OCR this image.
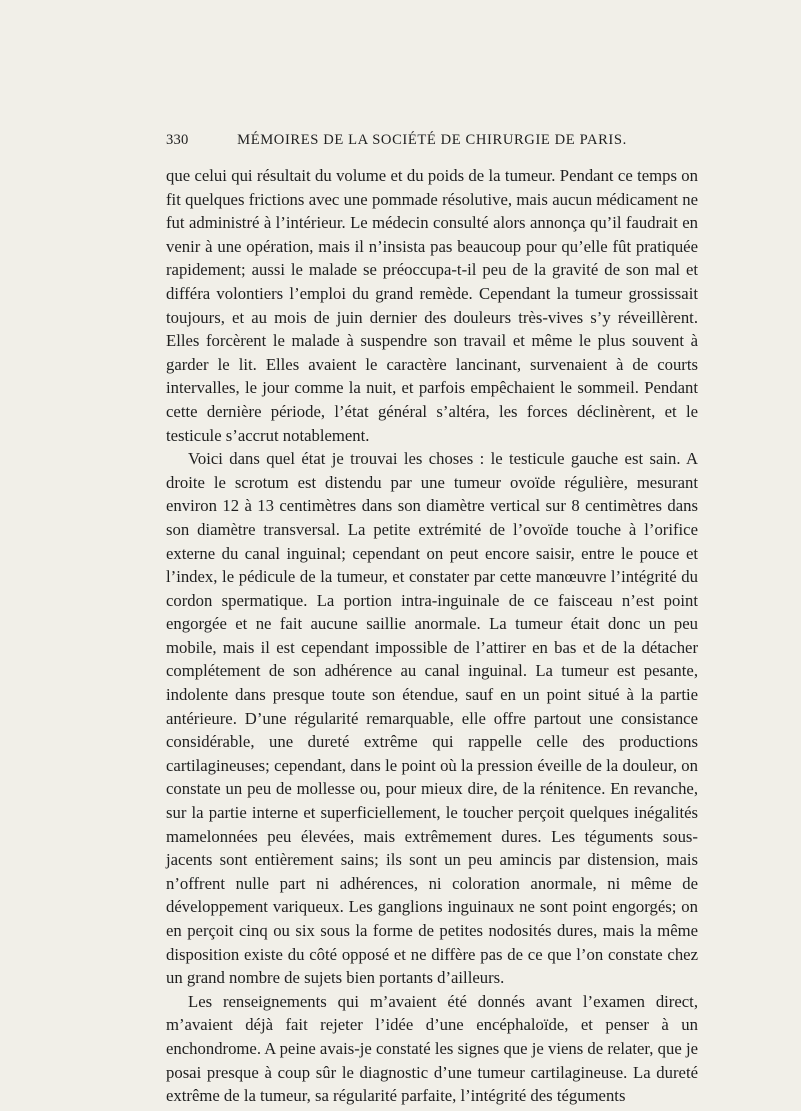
330	MÉMOIRES DE LA SOCIÉTÉ DE CHIRURGIE DE PARIS.

que celui qui résultait du volume et du poids de la tumeur. Pendant ce temps on fit quelques frictions avec une pommade résolutive, mais aucun médicament ne fut administré à l’intérieur. Le médecin consulté alors annonça qu’il faudrait en venir à une opération, mais il n’insista pas beaucoup pour qu’elle fût pratiquée rapidement; aussi le malade se préoccupa-t-il peu de la gravité de son mal et différa volontiers l’emploi du grand remède. Cependant la tumeur grossissait toujours, et au mois de juin dernier des douleurs très-vives s’y réveillèrent. Elles forcèrent le malade à suspendre son travail et même le plus souvent à garder le lit. Elles avaient le caractère lancinant, survenaient à de courts intervalles, le jour comme la nuit, et parfois empêchaient le sommeil. Pendant cette dernière période, l’état général s’altéra, les forces déclinèrent, et le testicule s’accrut notablement.

Voici dans quel état je trouvai les choses : le testicule gauche est sain. A droite le scrotum est distendu par une tumeur ovoïde régulière, mesurant environ 12 à 13 centimètres dans son diamètre vertical sur 8 centimètres dans son diamètre transversal. La petite extrémité de l’ovoïde touche à l’orifice externe du canal inguinal; cependant on peut encore saisir, entre le pouce et l’index, le pédicule de la tumeur, et constater par cette manœuvre l’intégrité du cordon spermatique. La portion intra-inguinale de ce faisceau n’est point engorgée et ne fait aucune saillie anormale. La tumeur était donc un peu mobile, mais il est cependant impossible de l’attirer en bas et de la détacher complétement de son adhérence au canal inguinal. La tumeur est pesante, indolente dans presque toute son étendue, sauf en un point situé à la partie antérieure. D’une régularité remarquable, elle offre partout une consistance considérable, une dureté extrême qui rappelle celle des productions cartilagineuses; cependant, dans le point où la pression éveille de la douleur, on constate un peu de mollesse ou, pour mieux dire, de la rénitence. En revanche, sur la partie interne et superficiellement, le toucher perçoit quelques inégalités mamelonnées peu élevées, mais extrêmement dures. Les téguments sous-jacents sont entièrement sains; ils sont un peu amincis par distension, mais n’offrent nulle part ni adhérences, ni coloration anormale, ni même de développement variqueux. Les ganglions inguinaux ne sont point engorgés; on en perçoit cinq ou six sous la forme de petites nodosités dures, mais la même disposition existe du côté opposé et ne diffère pas de ce que l’on constate chez un grand nombre de sujets bien portants d’ailleurs.

Les renseignements qui m’avaient été donnés avant l’examen direct, m’avaient déjà fait rejeter l’idée d’une encéphaloïde, et penser à un enchondrome. A peine avais-je constaté les signes que je viens de relater, que je posai presque à coup sûr le diagnostic d’une tumeur cartilagineuse. La dureté extrême de la tumeur, sa régularité parfaite, l’intégrité des téguments
